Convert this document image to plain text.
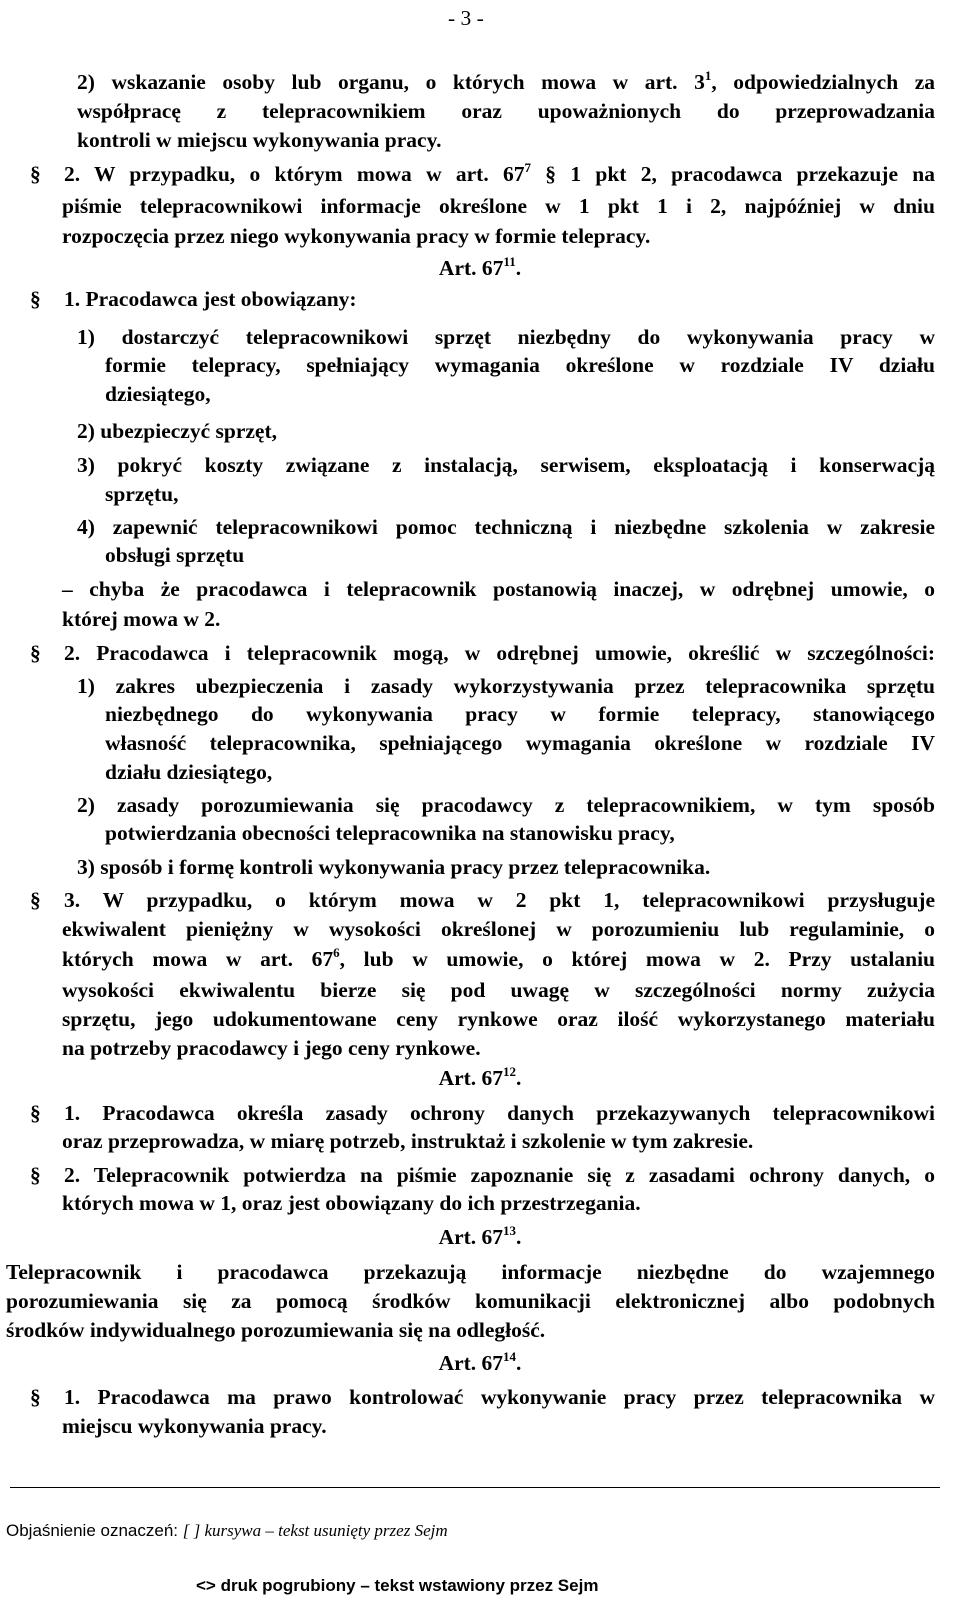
- 3 -
2) wskazanie osoby lub organu, o których mowa w art. $3^1$, odpowiedzialnych za
współpracę z telepracownikiem oraz upoważnionych do przeprowadzania
kontroli w miejscu wykonywania pracy.
§ 2. W przypadku, o którym mowa w art. $67^7$ § 1 pkt 2, pracodawca przekazuje na
piśmie telepracownikowi informacje określone w 1 pkt 1 i 2, najpóźniej w dniu
rozpoczęcia przez niego wykonywania pracy w formie telepracy.
Art. $67^{11}$.
§ 1. Pracodawca jest obowiązany:
1) dostarczyć telepracownikowi sprzęt niezbędny do wykonywania pracy w
formie telepracy, spełniający wymagania określone w rozdziale IV działu
dziesiątego,
2) ubezpieczyć sprzęt,
3) pokryć koszty związane z instalacją, serwisem, eksploatacją i konserwacją
sprzętu,
4) zapewnić telepracownikowi pomoc techniczną i niezbędne szkolenia w zakresie
obsługi sprzętu
– chyba że pracodawca i telepracownik postanowią inaczej, w odrębnej umowie, o
której mowa w 2.
§ 2. Pracodawca i telepracownik mogą, w odrębnej umowie, określić w szczególności:
1) zakres ubezpieczenia i zasady wykorzystywania przez telepracownika sprzętu
niezbędnego do wykonywania pracy w formie telepracy, stanowiącego
własność telepracownika, spełniającego wymagania określone w rozdziale IV
działu dziesiątego,
2) zasady porozumiewania się pracodawcy z telepracownikiem, w tym sposób
potwierdzania obecności telepracownika na stanowisku pracy,
3) sposób i formę kontroli wykonywania pracy przez telepracownika.
§ 3. W przypadku, o którym mowa w 2 pkt 1, telepracownikowi przysługuje
ekwiwalent pieniężny w wysokości określonej w porozumieniu lub regulaminie, o
których mowa w art. $67^6$, lub w umowie, o której mowa w 2. Przy ustalaniu
wysokości ekwiwalentu bierze się pod uwagę w szczególności normy zużycia
sprzętu, jego udokumentowane ceny rynkowe oraz ilość wykorzystanego materiału
na potrzeby pracodawcy i jego ceny rynkowe.
Art. $67^{12}$.
§ 1. Pracodawca określa zasady ochrony danych przekazywanych telepracownikowi
oraz przeprowadza, w miarę potrzeb, instruktaż i szkolenie w tym zakresie.
§ 2. Telepracownik potwierdza na piśmie zapoznanie się z zasadami ochrony danych, o
których mowa w 1, oraz jest obowiązany do ich przestrzegania.
Art. $67^{13}$.
Telepracownik i pracodawca przekazują informacje niezbędne do wzajemnego
porozumiewania się za pomocą środków komunikacji elektronicznej albo podobnych
środków indywidualnego porozumiewania się na odległość.
Art. $67^{14}$.
§ 1. Pracodawca ma prawo kontrolować wykonywanie pracy przez telepracownika w
miejscu wykonywania pracy.
Objaśnienie oznaczeń: [ ] kursywa – tekst usunięty przez Sejm
<> druk pogrubiony – tekst wstawiony przez Sejm
